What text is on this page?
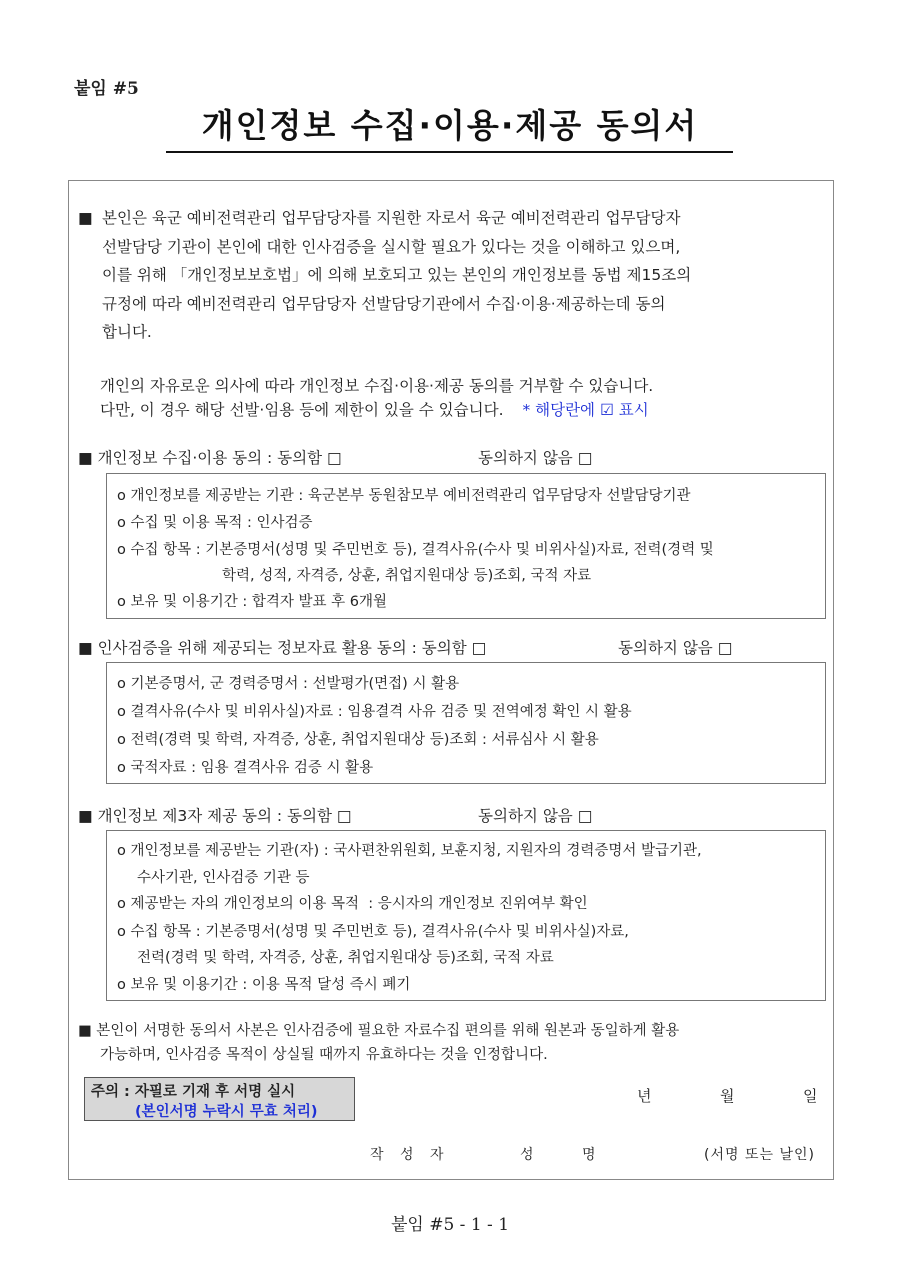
붙임 #5
개인정보 수집·이용·제공 동의서
■ 본인은 육군 예비전력관리 업무담당자를 지원한 자로서 육군 예비전력관리 업무담당자
선발담당 기관이 본인에 대한 인사검증을 실시할 필요가 있다는 것을 이해하고 있으며,
이를 위해 「개인정보보호법」에 의해 보호되고 있는 본인의 개인정보를 동법 제15조의
규정에 따라 예비전력관리 업무담당자 선발담당기관에서 수집·이용·제공하는데 동의
합니다.
개인의 자유로운 의사에 따라 개인정보 수집·이용·제공 동의를 거부할 수 있습니다.
다만, 이 경우 해당 선발·임용 등에 제한이 있을 수 있습니다. * 해당란에 ☑ 표시
■ 개인정보 수집·이용 동의 : 동의함 □	동의하지 않음 □
o 개인정보를 제공받는 기관 : 육군본부 동원참모부 예비전력관리 업무담당자 선발담당기관
o 수집 및 이용 목적 : 인사검증
o 수집 항목 : 기본증명서(성명 및 주민번호 등), 결격사유(수사 및 비위사실)자료, 전력(경력 및
학력, 성적, 자격증, 상훈, 취업지원대상 등)조회, 국적 자료
o 보유 및 이용기간 : 합격자 발표 후 6개월
■ 인사검증을 위해 제공되는 정보자료 활용 동의 : 동의함 □	동의하지 않음 □
o 기본증명서, 군 경력증명서 : 선발평가(면접) 시 활용
o 결격사유(수사 및 비위사실)자료 : 임용결격 사유 검증 및 전역예정 확인 시 활용
o 전력(경력 및 학력, 자격증, 상훈, 취업지원대상 등)조회 : 서류심사 시 활용
o 국적자료 : 임용 결격사유 검증 시 활용
■ 개인정보 제3자 제공 동의 : 동의함 □	동의하지 않음 □
o 개인정보를 제공받는 기관(자) : 국사편찬위원회, 보훈지청, 지원자의 경력증명서 발급기관,
수사기관, 인사검증 기관 등
o 제공받는 자의 개인정보의 이용 목적  : 응시자의 개인정보 진위여부 확인
o 수집 항목 : 기본증명서(성명 및 주민번호 등), 결격사유(수사 및 비위사실)자료,
전력(경력 및 학력, 자격증, 상훈, 취업지원대상 등)조회, 국적 자료
o 보유 및 이용기간 : 이용 목적 달성 즉시 폐기
■ 본인이 서명한 동의서 사본은 인사검증에 필요한 자료수집 편의를 위해 원본과 동일하게 활용
가능하며, 인사검증 목적이 상실될 때까지 유효하다는 것을 인정합니다.
주의 : 자필로 기재 후 서명 실시
(본인서명 누락시 무효 처리)
년	월	일
작 성 자	성 명	(서명 또는 날인)
붙임 #5 - 1 - 1
